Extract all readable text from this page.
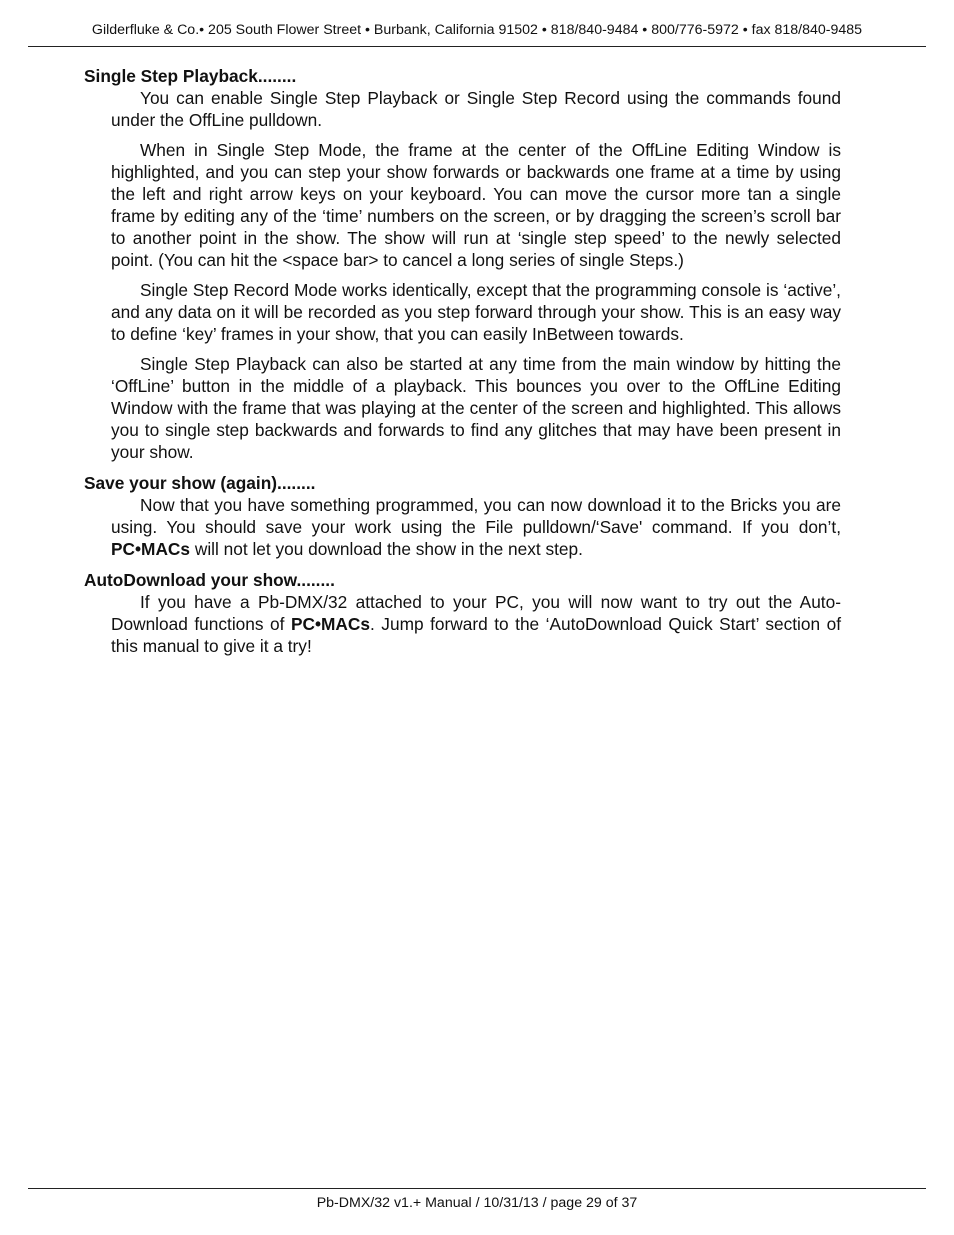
Gilderfluke & Co.• 205 South Flower Street • Burbank, California 91502 • 818/840-9484 • 800/776-5972 • fax 818/840-9485

Single Step Playback........

You can enable Single Step Playback or Single Step Record using the commands found under the OffLine pulldown.

When in Single Step Mode, the frame at the center of the OffLine Editing Window is highlighted, and you can step your show forwards or backwards one frame at a time by using the left and right arrow keys on your keyboard. You can move the cursor more tan a single frame by editing any of the ‘time’ numbers on the screen, or by dragging the screen’s scroll bar to another point in the show. The show will run at ‘single step speed’ to the newly selected point. (You can hit the <space bar> to cancel a long series of single Steps.)

Single Step Record Mode works identically, except that the programming console is ‘active’, and any data on it will be recorded as you step forward through your show. This is an easy way to define ‘key’ frames in your show, that you can easily InBetween towards.

Single Step Playback can also be started at any time from the main window by hitting the ‘OffLine’ button in the middle of a playback. This bounces you over to the OffLine Editing Window with the frame that was playing at the center of the screen and highlighted. This allows you to single step backwards and forwards to find any glitches that may have been present in your show.

Save your show (again)........

Now that you have something programmed, you can now download it to the Bricks you are using. You should save your work using the File pulldown/‘Save' command. If you don’t, PC•MACs will not let you download the show in the next step.

AutoDownload your show........

If you have a Pb-DMX/32 attached to your PC, you will now want to try out the AutoDownload functions of PC•MACs. Jump forward to the ‘AutoDownload Quick Start’ section of this manual to give it a try!

Pb-DMX/32 v1.+ Manual / 10/31/13 / page 29 of 37
